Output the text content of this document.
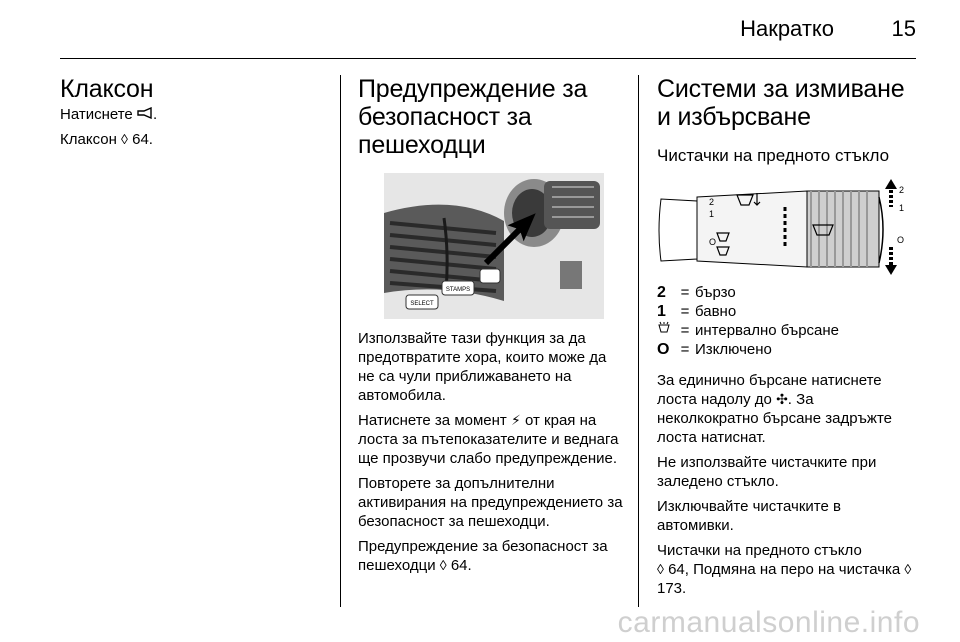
Накратко	15
Клаксон

Натиснете .

Клаксон ◊ 64.

Предупреждение за безопасност за пешеходци
SELECT
STAMPS

Използвайте тази функция за да предотвратите хора, които може да не са чули приближаването на автомобила.

Натиснете за момент ⚡ от края на лоста за пътепоказателите и веднага ще прозвучи слабо предупреждение.

Повторете за допълнителни активирания на предупреждението за безопасност за пешеходци.

Предупреждение за безопасност за пешеходци ◊ 64.

Системи за измиване и избърсване
Чистачки на предното стъкло
2
1
O
2
1
O
2 = бързо
1 = бавно
= интервално бърсане
O = Изключено

За единично бърсане натиснете лоста надолу до ✣. За неколкократно бърсане задръжте лоста натиснат.

Не използвайте чистачките при заледено стъкло.

Изключвайте чистачките в автомивки.

Чистачки на предното стъкло
◊ 64, Подмяна на перо на чистачка ◊ 173.

carmanualsonline.info
